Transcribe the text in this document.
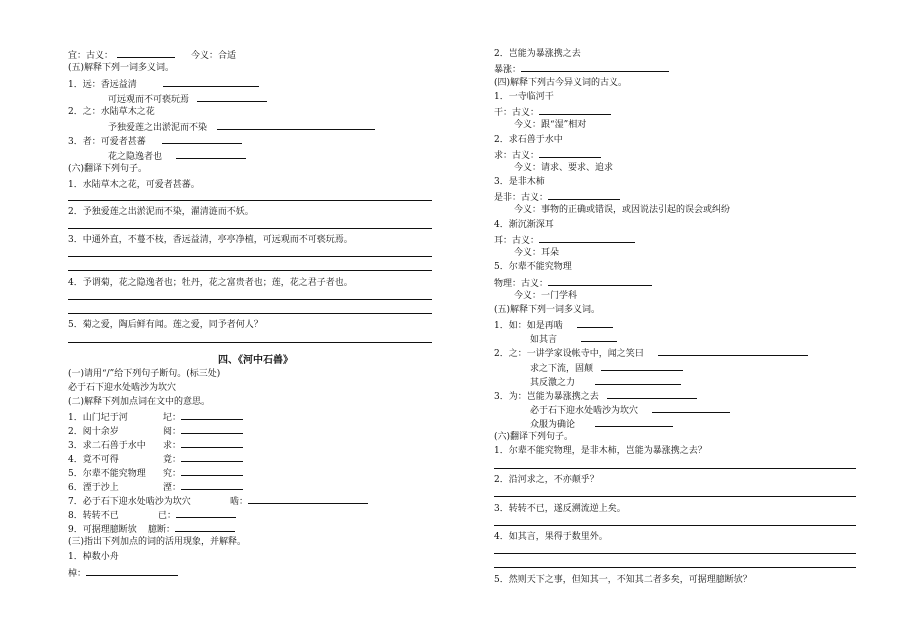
宜：古义：	今义：合适
(五)解释下列一词多义词。
1．远：香远益清
可远观而不可亵玩焉
2．之：水陆草木之花
予独爱莲之出淤泥而不染
3．者：可爱者甚蕃
花之隐逸者也
(六)翻译下列句子。
1．水陆草木之花，可爱者甚蕃。
2．予独爱莲之出淤泥而不染，濯清涟而不妖。
3．中通外直，不蔓不枝，香远益清，亭亭净植，可远观而不可亵玩焉。
4．予谓菊，花之隐逸者也；牡丹，花之富贵者也；莲，花之君子者也。
5．菊之爱，陶后鲜有闻。莲之爱，同予者何人？
四、《河中石兽》
(一)请用“/”给下列句子断句。(标三处)
必于石下迎水处啮沙为坎穴
(二)解释下列加点词在文中的意思。
1．山门圮于河	圮：
2．阅十余岁	阅：
3．求二石兽于水中 求：
4．竟不可得	竟：
5．尔辈不能究物理 究：
6．湮于沙上	湮：
7．必于石下迎水处啮沙为坎穴	啮：
8．转转不已	已：
9．可据理臆断欤 臆断：
(三)指出下列加点的词的活用现象，并解释。
1．棹数小舟
棹：
2．岂能为暴涨携之去
暴涨：
(四)解释下列古今异义词的古义。
1．一寺临河干
干：古义：
今义：跟“湿”相对
2．求石兽于水中
求：古义：
今义：请求、要求、追求
3．是非木柿
是非：古义：
今义：事物的正确或错误，或因说法引起的误会或纠纷
4．渐沉渐深耳
耳：古义：
今义：耳朵
5．尔辈不能究物理
物理：古义：
今义：一门学科
(五)解释下列一词多义词。
1．如：如是再啮
如其言
2．之：一讲学家设帐寺中，闻之笑曰
求之下流，固颠
其反激之力
3．为：岂能为暴涨携之去
必于石下迎水处啮沙为坎穴
众服为确论
(六)翻译下列句子。
1．尔辈不能究物理，是非木柿，岂能为暴涨携之去？
2．沿河求之，不亦颠乎？
3．转转不已，遂反溯流逆上矣。
4．如其言，果得于数里外。
5．然则天下之事，但知其一，不知其二者多矣，可据理臆断欤？
